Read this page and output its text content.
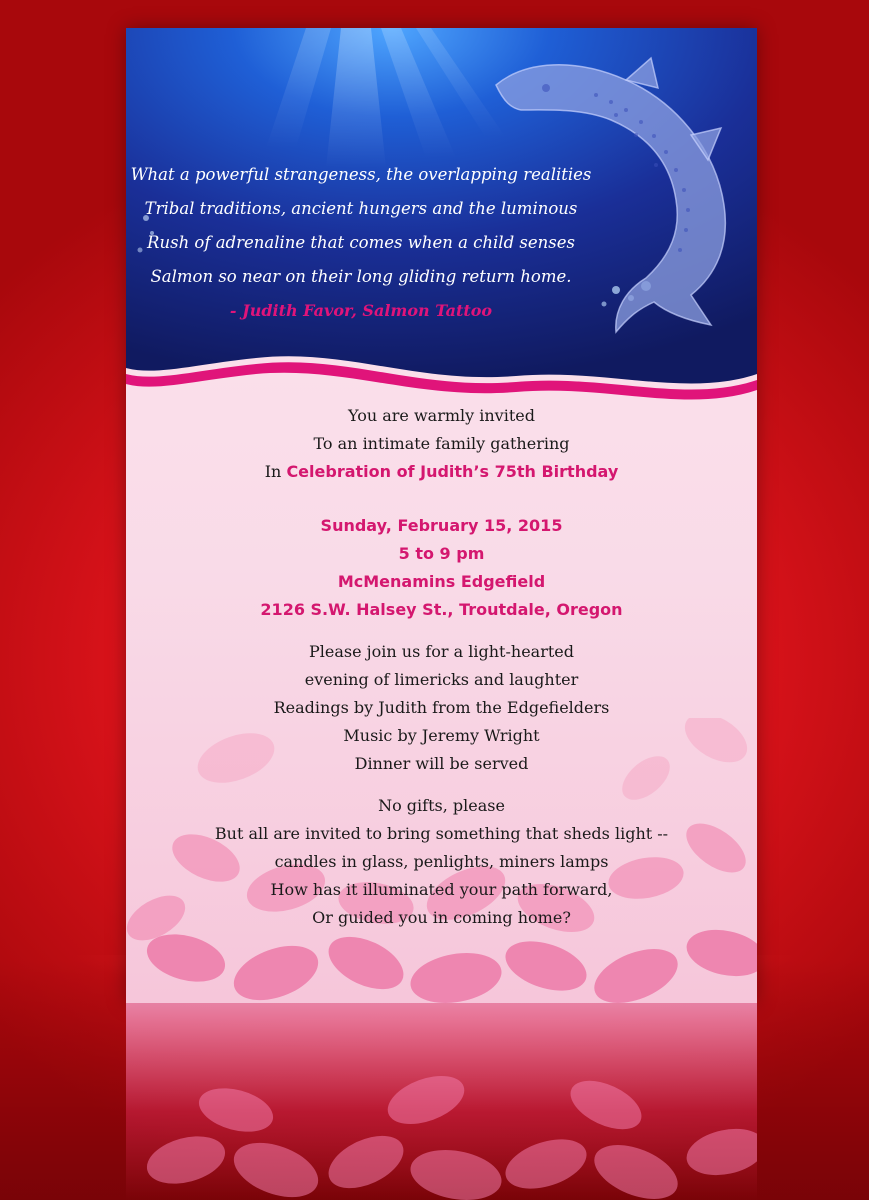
What a powerful strangeness, the overlapping realities
Tribal traditions, ancient hungers and the luminous
Rush of adrenaline that comes when a child senses
Salmon so near on their long gliding return home.
- Judith Favor, Salmon Tattoo
You are warmly invited
To an intimate family gathering
In Celebration of Judith’s 75th Birthday
Sunday, February 15, 2015
5 to 9 pm
McMenamins Edgefield
2126 S.W. Halsey St., Troutdale, Oregon
Please join us for a light-hearted
evening of limericks and laughter
Readings by Judith from the Edgefielders
Music by Jeremy Wright
Dinner will be served
No gifts, please
But all are invited to bring something that sheds light --
candles in glass, penlights, miners lamps
How has it illuminated your path forward,
Or guided you in coming home?
